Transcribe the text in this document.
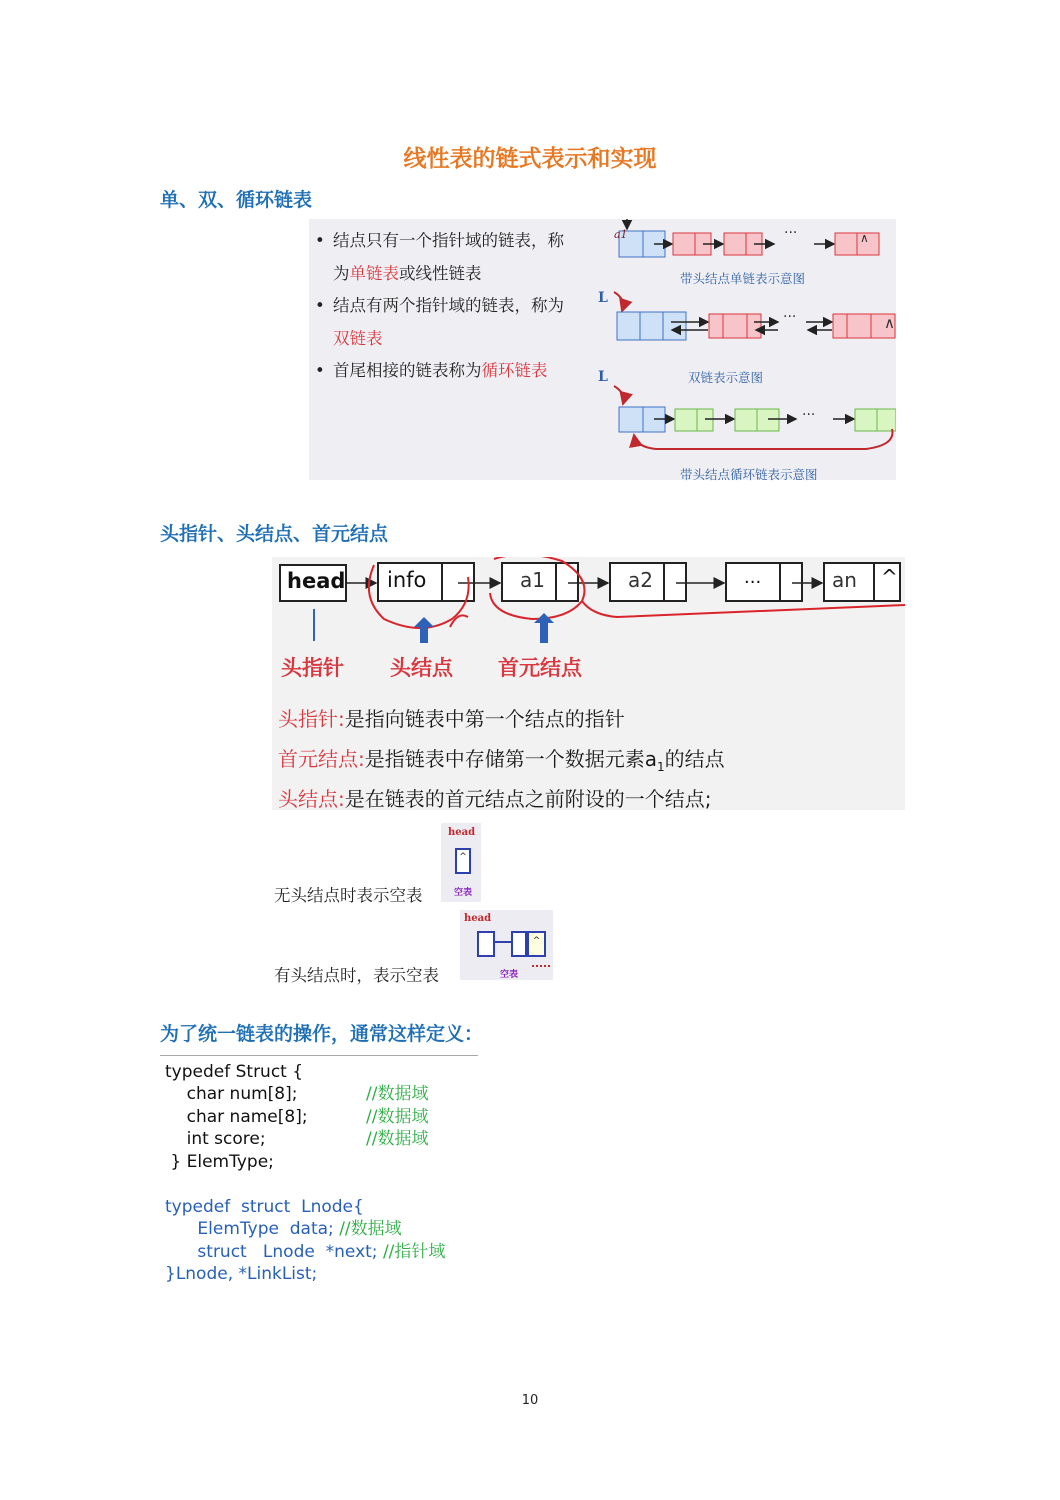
线性表的链式表示和实现
单、双、循环链表
• 结点只有一个指针域的链表，称
为单链表或线性链表
• 结点有两个指针域的链表，称为
双链表
• 首尾相接的链表称为循环链表
a1	···	∧
带头结点单链表示意图
L
···	∧
双链表示意图
L
···
带头结点循环链表示意图
头指针、头结点、首元结点
head info	a1	a2	...	an ^
头指针 头结点 首元结点
头指针:是指向链表中第一个结点的指针
首元结点:是指链表中存储第一个数据元素$a_1$的结点
头结点:是在链表的首元结点之前附设的一个结点;
head
^
空表
无头结点时表示空表
head
^
空表
有头结点时，表示空表
为了统一链表的操作，通常这样定义：
typedef Struct {
char num[8];	//数据域
char name[8];	//数据域
int score;	//数据域
} ElemType;
typedef  struct  Lnode{
ElemType  data; //数据域
struct   Lnode  *next; //指针域
}Lnode, *LinkList;
10
